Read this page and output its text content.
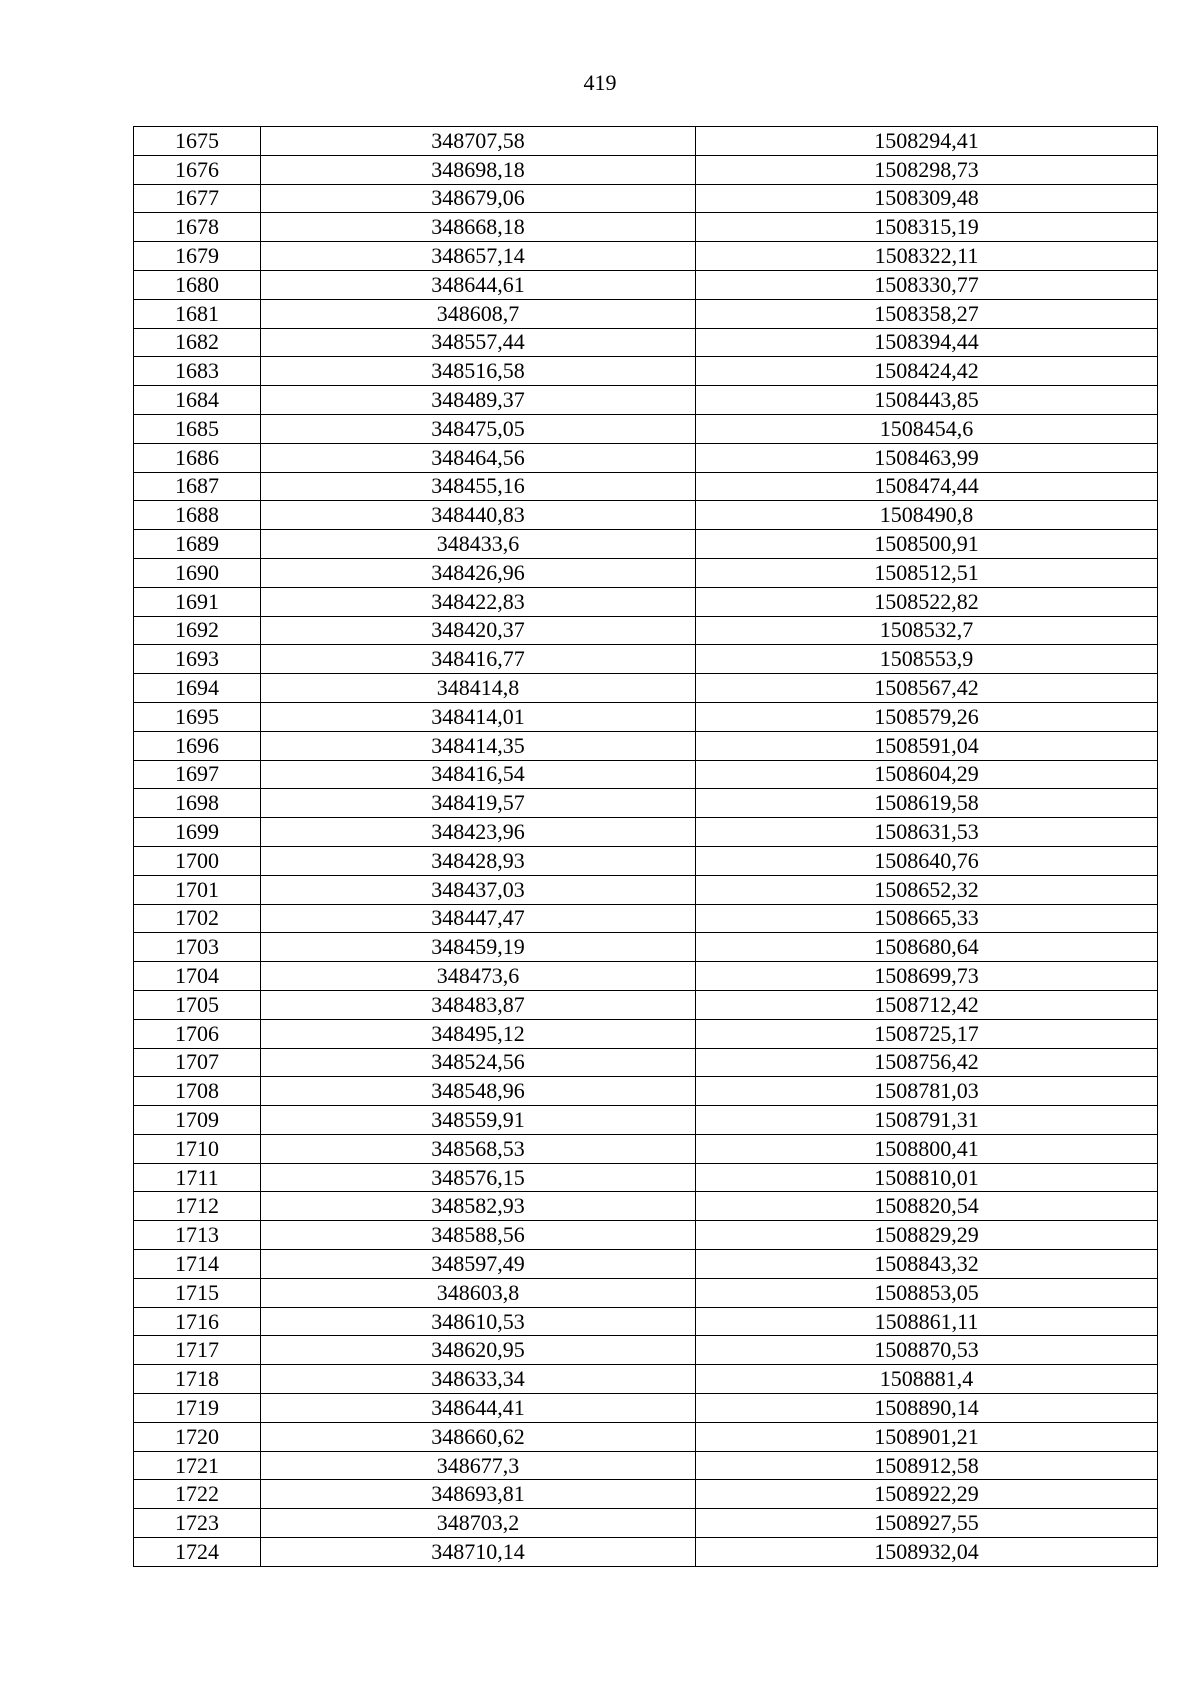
419
1675	348707,58	1508294,41
1676	348698,18	1508298,73
1677	348679,06	1508309,48
1678	348668,18	1508315,19
1679	348657,14	1508322,11
1680	348644,61	1508330,77
1681	348608,7	1508358,27
1682	348557,44	1508394,44
1683	348516,58	1508424,42
1684	348489,37	1508443,85
1685	348475,05	1508454,6
1686	348464,56	1508463,99
1687	348455,16	1508474,44
1688	348440,83	1508490,8
1689	348433,6	1508500,91
1690	348426,96	1508512,51
1691	348422,83	1508522,82
1692	348420,37	1508532,7
1693	348416,77	1508553,9
1694	348414,8	1508567,42
1695	348414,01	1508579,26
1696	348414,35	1508591,04
1697	348416,54	1508604,29
1698	348419,57	1508619,58
1699	348423,96	1508631,53
1700	348428,93	1508640,76
1701	348437,03	1508652,32
1702	348447,47	1508665,33
1703	348459,19	1508680,64
1704	348473,6	1508699,73
1705	348483,87	1508712,42
1706	348495,12	1508725,17
1707	348524,56	1508756,42
1708	348548,96	1508781,03
1709	348559,91	1508791,31
1710	348568,53	1508800,41
1711	348576,15	1508810,01
1712	348582,93	1508820,54
1713	348588,56	1508829,29
1714	348597,49	1508843,32
1715	348603,8	1508853,05
1716	348610,53	1508861,11
1717	348620,95	1508870,53
1718	348633,34	1508881,4
1719	348644,41	1508890,14
1720	348660,62	1508901,21
1721	348677,3	1508912,58
1722	348693,81	1508922,29
1723	348703,2	1508927,55
1724	348710,14	1508932,04
